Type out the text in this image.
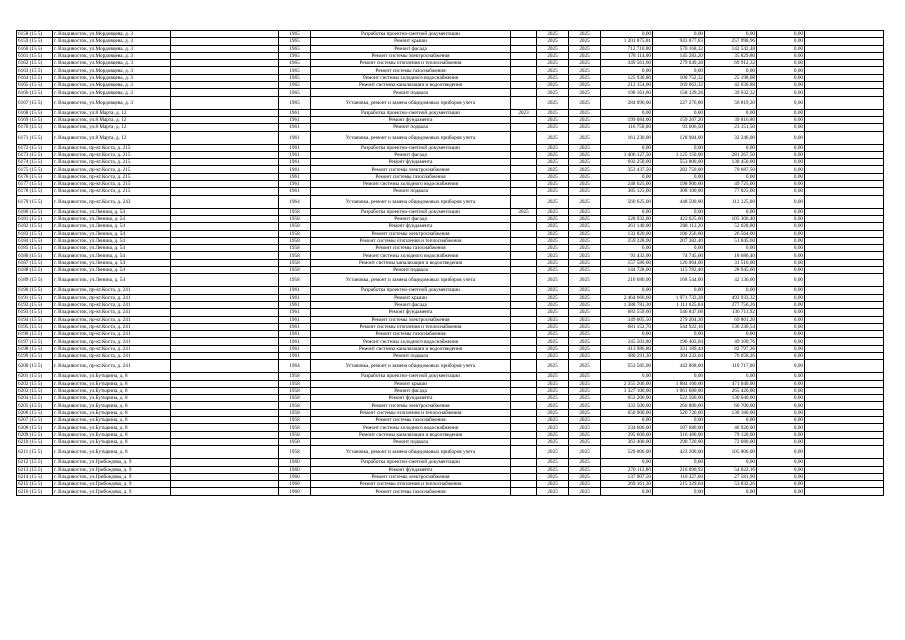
6158 (15 5)	г. Владивосток, ул.Мордовцева, д. 3		1965	Разработка проектно-сметной документации		2025	2025	0,00	0,00	0,00	0,00	
6159 (15 5)	г. Владивосток, ул.Мордовцева, д. 3		1965	Ремонт крыши		2025	2025	1 201 875,81	943 877,83	257 998,96	0,00	
6160 (15 5)	г. Владивосток, ул.Мордовцева, д. 3		1965	Ремонт фасада		2025	2025	712 710,80	570 168,32	142 542,48	0,00	
6161 (15 5)	г. Владивосток, ул.Мордовцева, д. 3		1965	Ремонт системы электроснабжения		2025	2025	178 114,00	145 283,20	35 829,80	0,00	
6162 (15 5)	г. Владивосток, ул.Мордовцева, д. 3		1965	Ремонт системы отопления и теплоснабжения		2025	2025	349 561,60	279 649,28	69 912,32	0,00	
6163 (15 5)	г. Владивосток, ул.Мордовцева, д. 3		1965	Ремонт системы газоснабжения		2025	2025	0,00	0,00	0,00	0,00	
6164 (15 5)	г. Владивосток, ул.Мордовцева, д. 3		1965	Ремонт системы холодного водоснабжения		2025	2025	125 930,80	100 752,32	25 198,08	0,00	
6165 (15 5)	г. Владивосток, ул.Мордовцева, д. 3		1965	Ремонт системы канализации и водоотведения		2025	2025	212 154,00	169 063,32	42 030,88	0,00	
6166 (15 5)	г. Владивосток, ул.Мордовцева, д. 3		1965	Ремонт подвала		2025	2025	198 161,60	158 129,28	39 632,32	0,00	
6167 (15 5)	г. Владивосток, ул.Мордовцева, д. 3		1965	Установка, ремонт и замена общедомовых приборов учета		2025	2025	284 096,00	227 276,80	56 819,20	0,00	
6168 (15 5)	г. Владивосток, ул.8 Марта, д. 12		1961	Разработка проектно-сметной документации	2023	2025	2025	0,00	0,00	0,00	0,00	
6169 (15 5)	г. Владивосток, ул.8 Марта, д. 12		1961	Ремонт фундамента		2025	2025	199 084,00	159 267,20	39 816,80	0,00	
6170 (15 5)	г. Владивосток, ул.8 Марта, д. 12		1961	Ремонт подвала		2025	2025	116 758,00	93 606,50	23 151,50	0,00	
6171 (15 5)	г. Владивосток, ул.8 Марта, д. 12		1961	Установка, ремонт и замена общедомовых приборов учета		2025	2025	161 230,00	128 984,00	32 246,00	0,00	
6172 (15 5)	г. Владивосток, пр-кт.Коста, д. 215		1961	Разработка проектно-сметной документации		2025	2025	0,00	0,00	0,00	0,00	
6173 (15 5)	г. Владивосток, пр-кт.Коста, д. 215		1961	Ремонт фасада		2025	2025	1 406 127,50	1 125 150,00	281 267,50	0,00	
6174 (15 5)	г. Владивосток, пр-кт.Коста, д. 215		1961	Ремонт фундамента		2025	2025	692 250,00	553 800,00	138 450,00	0,00	
6175 (15 5)	г. Владивосток, пр-кт.Коста, д. 215		1961	Ремонт системы электроснабжения		2025	2025	353 437,50	282 750,00	70 687,50	0,00	
6176 (15 5)	г. Владивосток, пр-кт.Коста, д. 215		1961	Ремонт системы газоснабжения		2025	2025	0,00	0,00	0,00	0,00	
6177 (15 5)	г. Владивосток, пр-кт.Коста, д. 215		1961	Ремонт системы холодного водоснабжения		2025	2025	248 625,00	198 900,00	49 725,00	0,00	
6178 (15 5)	г. Владивосток, пр-кт.Коста, д. 215		1961	Ремонт подвала		2025	2025	385 125,00	308 100,00	77 025,00	0,00	
6179 (15 5)	г. Владивосток, пр-кт.Коста, д. 243		1964	Установка, ремонт и замена общедомовых приборов учета		2025	2025	560 625,00	448 500,00	112 125,00	0,00	
6180 (15 5)	г. Владивосток, ул.Ленина, д. 54		1958	Разработка проектно-сметной документации	2025	2025	2025	0,00	0,00	0,00	0,00	
6181 (15 5)	г. Владивосток, ул.Ленина, д. 54		1958	Ремонт фасада		2025	2025	528 932,00	423 625,60	105 306,40	0,00	
6182 (15 5)	г. Владивосток, ул.Ленина, д. 54		1958	Ремонт фундамента		2025	2025	261 140,00	208 112,20	52 028,80	0,00	
6183 (15 5)	г. Владивосток, ул.Ленина, д. 54		1958	Ремонт системы электроснабжения		2025	2025	132 820,00	106 256,00	26 564,00	0,00	
6184 (15 5)	г. Владивосток, ул.Ленина, д. 54		1958	Ремонт системы отопления и теплоснабжения		2025	2025	259 228,00	207 382,40	51 845,60	0,00	
6185 (15 5)	г. Владивосток, ул.Ленина, д. 54		1958	Ремонт системы газоснабжения		2025	2025	0,00	0,00	0,00	0,00	
6186 (15 5)	г. Владивосток, ул.Ленина, д. 54		1958	Ремонт системы холодного водоснабжения		2025	2025	93 432,00	74 745,60	18 686,40	0,00	
6187 (15 5)	г. Владивосток, ул.Ленина, д. 54		1958	Ремонт системы канализации и водоотведения		2025	2025	157 580,00	126 064,00	31 516,00	0,00	
6188 (15 5)	г. Владивосток, ул.Ленина, д. 54		1958	Ремонт подвала		2025	2025	144 728,00	115 782,40	28 945,60	0,00	
6189 (15 5)	г. Владивосток, ул.Ленина, д. 54		1958	Установка, ремонт и замена общедомовых приборов учета		2025	2025	210 680,00	168 544,00	42 136,00	0,00	
6190 (15 5)	г. Владивосток, пр-кт.Коста, д. 241		1961	Разработка проектно-сметной документации		2025	2025	0,00	0,00	0,00	0,00	
6191 (15 5)	г. Владивосток, пр-кт.Коста, д. 241		1961	Ремонт крыши		2025	2025	2 464 666,60	1 971 733,28	492 933,32	0,00	
6192 (15 5)	г. Владивосток, пр-кт.Коста, д. 241		1961	Ремонт фасада		2025	2025	1 388 781,30	1 111 025,04	277 756,26	0,00	
6193 (15 5)	г. Владивосток, пр-кт.Коста, д. 241		1961	Ремонт фундамента		2025	2025	683 559,60	546 847,68	136 711,92	0,00	
6194 (15 5)	г. Владивосток, пр-кт.Коста, д. 241		1961	Ремонт системы электроснабжения		2025	2025	349 005,50	279 204,30	69 801,20	0,00	
6195 (15 5)	г. Владивосток, пр-кт.Коста, д. 241		1961	Ремонт системы отопления и теплоснабжения		2025	2025	681 152,70	544 922,16	136 230,54	0,00	
6196 (15 5)	г. Владивосток, пр-кт.Коста, д. 241		1961	Ремонт системы газоснабжения		2025	2025	0,00	0,00	0,00	0,00	
6197 (15 5)	г. Владивосток, пр-кт.Коста, д. 241		1961	Ремонт системы холодного водоснабжения		2025	2025	245 503,80	196 403,04	49 100,76	0,00	
6198 (15 5)	г. Владивосток, пр-кт.Коста, д. 241		1961	Ремонт системы канализации и водоотведения		2025	2025	413 986,80	331 189,44	82 797,36	0,00	
6199 (15 5)	г. Владивосток, пр-кт.Коста, д. 241		1961	Ремонт подвала		2025	2025	380 291,30	304 233,04	76 058,26	0,00	
6200 (15 5)	г. Владивосток, пр-кт.Коста, д. 241		1964	Установка, ремонт и замена общедомовых приборов учета		2025	2025	553 585,00	442 868,00	110 717,00	0,00	
6201 (15 5)	г. Владивосток, ул.Бутырина, д. 8		1958	Разработка проектно-сметной документации		2025	2025	0,00	0,00	0,00	0,00	
6202 (15 5)	г. Владивосток, ул.Бутырина, д. 8		1958	Ремонт крыши		2025	2025	2 355 200,00	1 884 160,00	471 040,00	0,00	
6203 (15 5)	г. Владивосток, ул.Бутырина, д. 8		1958	Ремонт фасада		2025	2025	1 327 100,00	1 061 680,00	265 420,00	0,00	
6204 (15 5)	г. Владивосток, ул.Бутырина, д. 8		1958	Ремонт фундамента		2025	2025	653 200,00	522 560,00	130 640,00	0,00	
6205 (15 5)	г. Владивосток, ул.Бутырина, д. 8		1958	Ремонт системы электроснабжения		2025	2025	333 500,00	266 800,00	66 700,00	0,00	
6206 (15 5)	г. Владивосток, ул.Бутырина, д. 8		1958	Ремонт системы отопления и теплоснабжения		2025	2025	650 900,00	520 720,00	130 180,00	0,00	
6207 (15 5)	г. Владивосток, ул.Бутырина, д. 8		1958	Ремонт системы газоснабжения		2025	2025	0,00	0,00	0,00	0,00	
6208 (15 5)	г. Владивосток, ул.Бутырина, д. 8		1958	Ремонт системы холодного водоснабжения		2025	2025	234 600,00	187 680,00	46 920,00	0,00	
6209 (15 5)	г. Владивосток, ул.Бутырина, д. 8		1958	Ремонт системы канализации и водоотведения		2025	2025	395 600,00	316 480,00	79 120,00	0,00	
6210 (15 5)	г. Владивосток, ул.Бутырина, д. 8		1958	Ремонт подвала		2025	2025	363 400,00	290 720,00	72 680,00	0,00	
6211 (15 5)	г. Владивосток, ул.Бутырина, д. 8		1958	Установка, ремонт и замена общедомовых приборов учета		2025	2025	529 000,00	423 200,00	105 800,00	0,00	
6212 (15 5)	г. Владивосток, ул.Грибоедова, д. 9		1960	Разработка проектно-сметной документации		2025	2025	0,00	0,00	0,00	0,00	
6213 (15 5)	г. Владивосток, ул.Грибоедова, д. 9		1960	Ремонт фундамента		2025	2025	270 112,80	216 090,92	54 022,16	0,00	
6214 (15 5)	г. Владивосток, ул.Грибоедова, д. 9		1960	Ремонт системы электроснабжения		2025	2025	137 907,50	110 327,60	27 581,90	0,00	
6215 (15 5)	г. Владивосток, ул.Грибоедова, д. 9		1960	Ремонт системы отопления и теплоснабжения		2025	2025	269 161,30	215 329,04	53 832,26	0,00	
6216 (15 5)	г. Владивосток, ул.Грибоедова, д. 9		1960	Ремонт системы газоснабжения		2025	2025	0,00	0,00	0,00	0,00	
